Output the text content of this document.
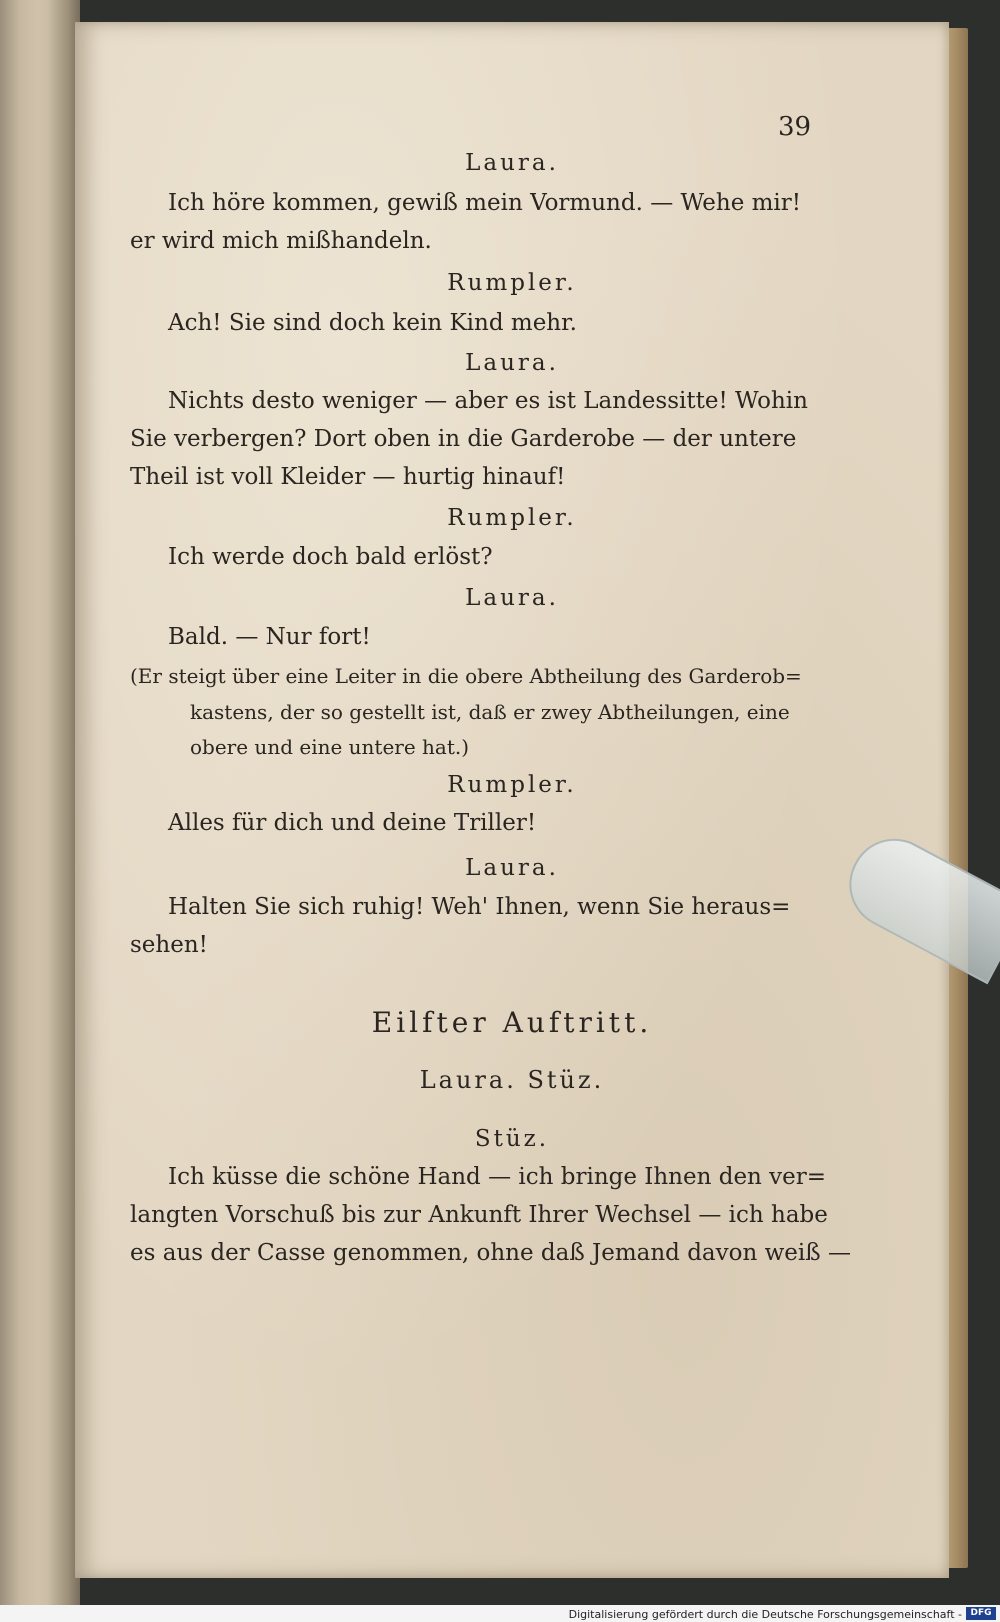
39
Laura.
Ich höre kommen, gewiß mein Vormund. — Wehe mir!
er wird mich mißhandeln.
Rumpler.
Ach! Sie sind doch kein Kind mehr.
Laura.
Nichts desto weniger — aber es ist Landessitte! Wohin
Sie verbergen? Dort oben in die Garderobe — der untere
Theil ist voll Kleider — hurtig hinauf!
Rumpler.
Ich werde doch bald erlöst?
Laura.
Bald. — Nur fort!
(Er steigt über eine Leiter in die obere Abtheilung des Garderob=
kastens, der so gestellt ist, daß er zwey Abtheilungen, eine
obere und eine untere hat.)
Rumpler.
Alles für dich und deine Triller!
Laura.
Halten Sie sich ruhig! Weh' Ihnen, wenn Sie heraus=
sehen!
Eilfter Auftritt.
Laura. Stüz.
Stüz.
Ich küsse die schöne Hand — ich bringe Ihnen den ver=
langten Vorschuß bis zur Ankunft Ihrer Wechsel — ich habe
es aus der Casse genommen, ohne daß Jemand davon weiß —
Digitalisierung gefördert durch die Deutsche Forschungsgemeinschaft - DFG
